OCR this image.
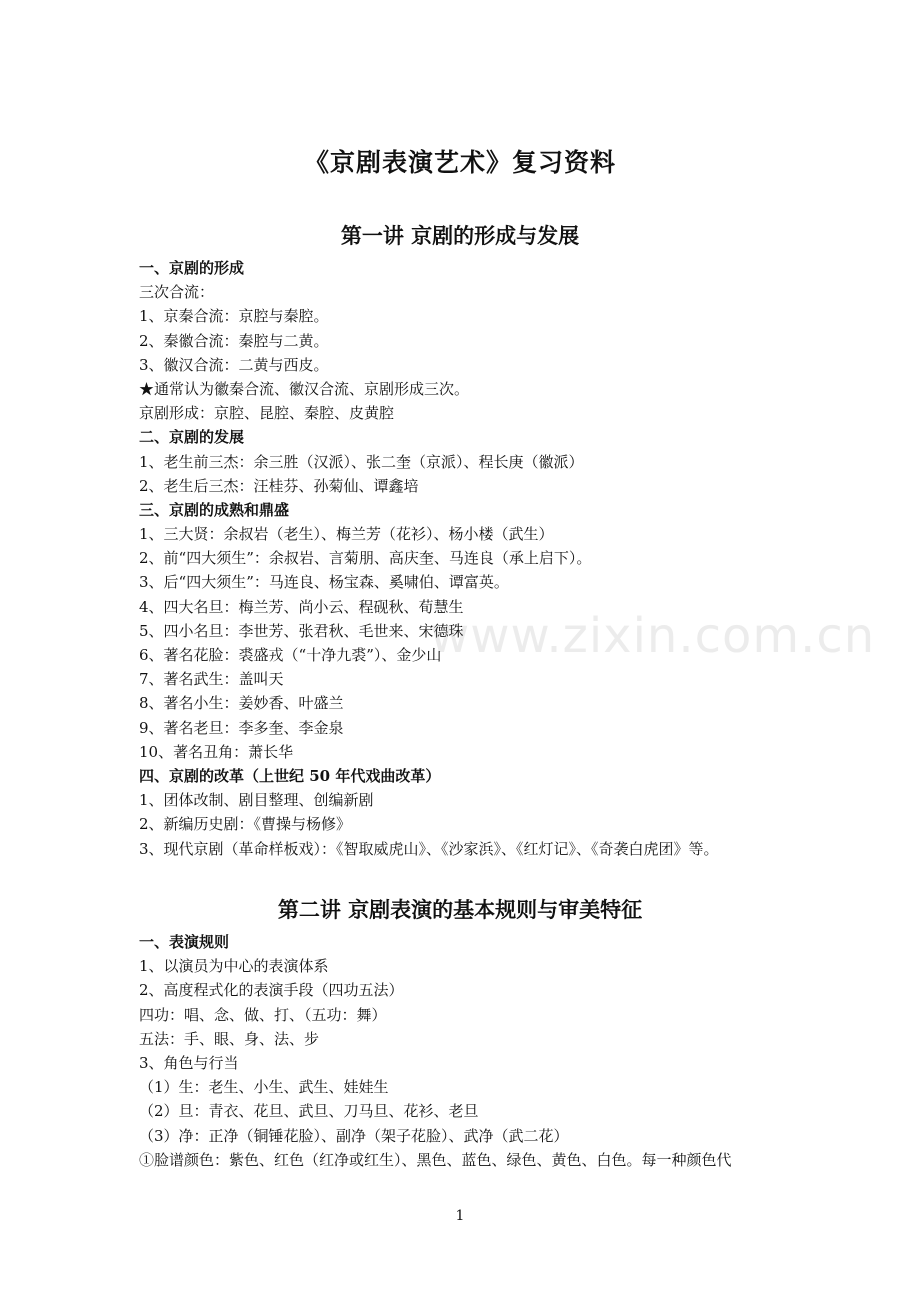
《京剧表演艺术》复习资料
第一讲 京剧的形成与发展
一、京剧的形成
三次合流：
1、京秦合流：京腔与秦腔。
2、秦徽合流：秦腔与二黄。
3、徽汉合流：二黄与西皮。
★通常认为徽秦合流、徽汉合流、京剧形成三次。
京剧形成：京腔、昆腔、秦腔、皮黄腔
二、京剧的发展
1、老生前三杰：余三胜（汉派）、张二奎（京派）、程长庚（徽派）
2、老生后三杰：汪桂芬、孙菊仙、谭鑫培
三、京剧的成熟和鼎盛
1、三大贤：余叔岩（老生）、梅兰芳（花衫）、杨小楼（武生）
2、前“四大须生”：余叔岩、言菊朋、高庆奎、马连良（承上启下）。
3、后“四大须生”：马连良、杨宝森、奚啸伯、谭富英。
4、四大名旦：梅兰芳、尚小云、程砚秋、荀慧生
5、四小名旦：李世芳、张君秋、毛世来、宋德珠
6、著名花脸：裘盛戎（“十净九裘”）、金少山
7、著名武生：盖叫天
8、著名小生：姜妙香、叶盛兰
9、著名老旦：李多奎、李金泉
10、著名丑角：萧长华
四、京剧的改革（上世纪 50 年代戏曲改革）
1、团体改制、剧目整理、创编新剧
2、新编历史剧：《曹操与杨修》
3、现代京剧（革命样板戏）：《智取威虎山》、《沙家浜》、《红灯记》、《奇袭白虎团》等。
第二讲 京剧表演的基本规则与审美特征
一、表演规则
1、以演员为中心的表演体系
2、高度程式化的表演手段（四功五法）
四功：唱、念、做、打、（五功：舞）
五法：手、眼、身、法、步
3、角色与行当
（1）生：老生、小生、武生、娃娃生
（2）旦：青衣、花旦、武旦、刀马旦、花衫、老旦
（3）净：正净（铜锤花脸）、副净（架子花脸）、武净（武二花）
①脸谱颜色：紫色、红色（红净或红生）、黑色、蓝色、绿色、黄色、白色。每一种颜色代
www.zixin.com.cn
1
